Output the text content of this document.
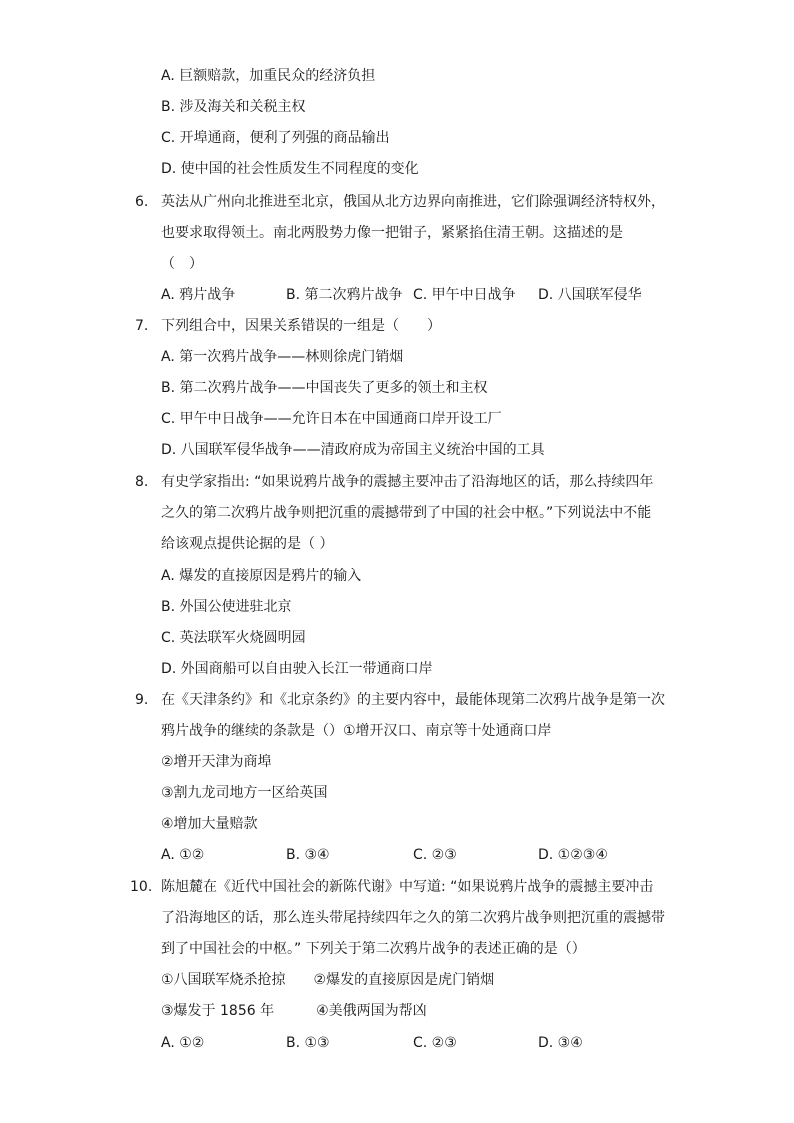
A. 巨额赔款，加重民众的经济负担
B. 涉及海关和关税主权
C. 开埠通商，便利了列强的商品输出
D. 使中国的社会性质发生不同程度的变化
6. 英法从广州向北推进至北京，俄国从北方边界向南推进，它们除强调经济特权外，
也要求取得领土。南北两股势力像一把钳子，紧紧掐住清王朝。这描述的是
（　）
A. 鸦片战争	B. 第二次鸦片战争 C. 甲午中日战争 D. 八国联军侵华
7. 下列组合中，因果关系错误的一组是（　　）
A. 第一次鸦片战争——林则徐虎门销烟
B. 第二次鸦片战争——中国丧失了更多的领土和主权
C. 甲午中日战争——允许日本在中国通商口岸开设工厂
D. 八国联军侵华战争——清政府成为帝国主义统治中国的工具
8. 有史学家指出: “如果说鸦片战争的震撼主要冲击了沿海地区的话，那么持续四年
之久的第二次鸦片战争则把沉重的震撼带到了中国的社会中枢。”下列说法中不能
给该观点提供论据的是（ ）
A. 爆发的直接原因是鸦片的输入
B. 外国公使进驻北京
C. 英法联军火烧圆明园
D. 外国商船可以自由驶入长江一带通商口岸
9. 在《天津条约》和《北京条约》的主要内容中，最能体现第二次鸦片战争是第一次
鸦片战争的继续的条款是（）①增开汉口、南京等十处通商口岸
②增开天津为商埠
③割九龙司地方一区给英国
④增加大量赔款
A. ①②	B. ③④	C. ②③	D. ①②③④
10. 陈旭麓在《近代中国社会的新陈代谢》中写道: “如果说鸦片战争的震撼主要冲击
了沿海地区的话，那么连头带尾持续四年之久的第二次鸦片战争则把沉重的震撼带
到了中国社会的中枢。” 下列关于第二次鸦片战争的表述正确的是（）
①八国联军烧杀抢掠　　②爆发的直接原因是虎门销烟
③爆发于 1856 年　　　④美俄两国为帮凶
A. ①②	B. ①③	C. ②③	D. ③④
